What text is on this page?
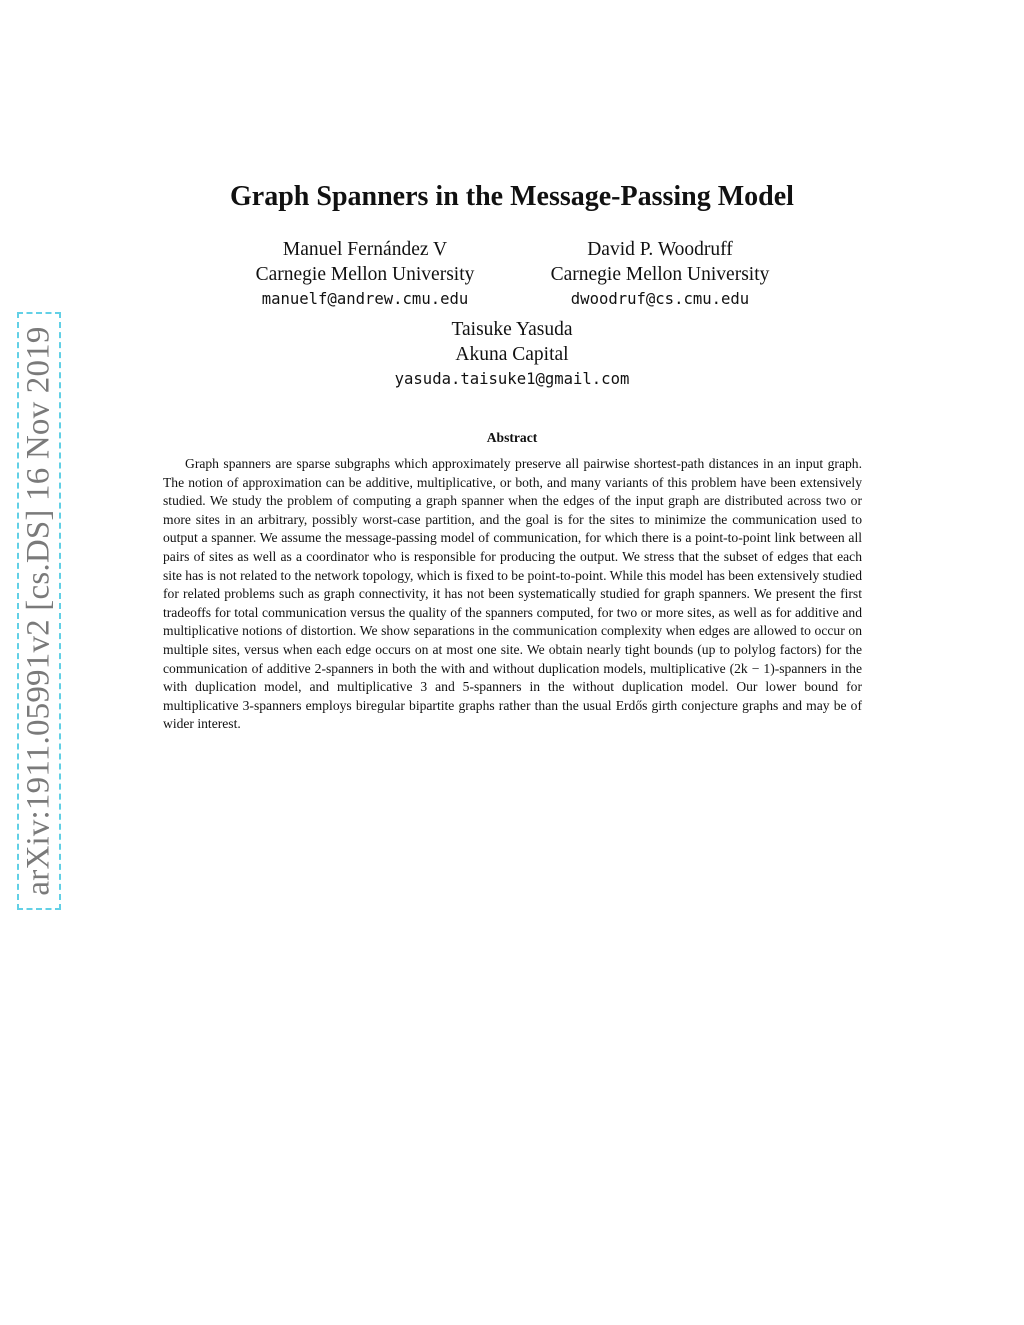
arXiv:1911.05991v2 [cs.DS] 16 Nov 2019
Graph Spanners in the Message-Passing Model
Manuel Fernández V
Carnegie Mellon University
manuelf@andrew.cmu.edu
David P. Woodruff
Carnegie Mellon University
dwoodruf@cs.cmu.edu
Taisuke Yasuda
Akuna Capital
yasuda.taisuke1@gmail.com
Abstract

Graph spanners are sparse subgraphs which approximately preserve all pairwise shortest-path distances in an input graph. The notion of approximation can be additive, multiplicative, or both, and many variants of this problem have been extensively studied. We study the problem of computing a graph spanner when the edges of the input graph are distributed across two or more sites in an arbitrary, possibly worst-case partition, and the goal is for the sites to minimize the communication used to output a spanner. We assume the message-passing model of communication, for which there is a point-to-point link between all pairs of sites as well as a coordinator who is responsible for producing the output. We stress that the subset of edges that each site has is not related to the network topology, which is fixed to be point-to-point. While this model has been extensively studied for related problems such as graph connectivity, it has not been systematically studied for graph spanners. We present the first tradeoffs for total communication versus the quality of the spanners computed, for two or more sites, as well as for additive and multiplicative notions of distortion. We show separations in the communication complexity when edges are allowed to occur on multiple sites, versus when each edge occurs on at most one site. We obtain nearly tight bounds (up to polylog factors) for the communication of additive 2-spanners in both the with and without duplication models, multiplicative (2k − 1)-spanners in the with duplication model, and multiplicative 3 and 5-spanners in the without duplication model. Our lower bound for multiplicative 3-spanners employs biregular bipartite graphs rather than the usual Erdős girth conjecture graphs and may be of wider interest.
